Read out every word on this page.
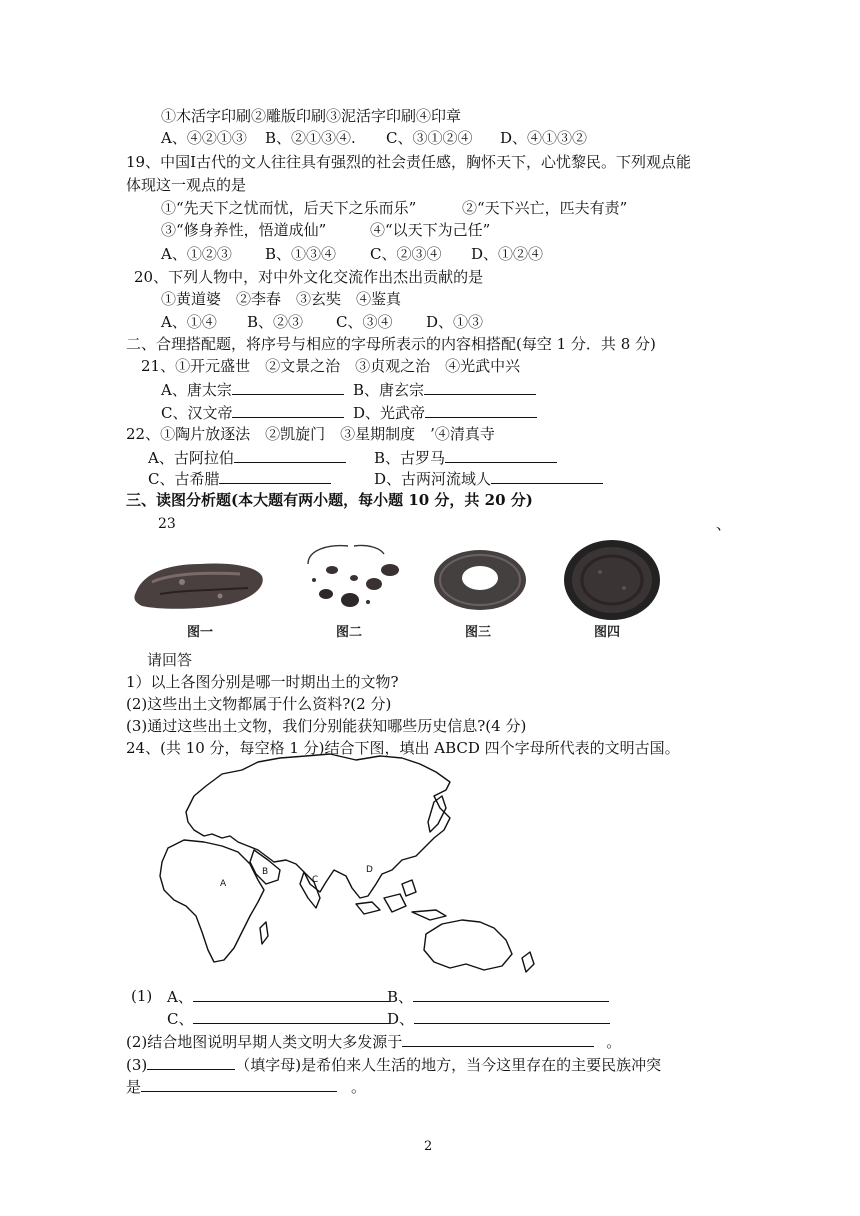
①木活字印刷②雕版印刷③泥活字印刷④印章
A、④②①③ B、②①③④. C、③①②④ D、④①③②
19、中国Ⅰ古代的文人往往具有强烈的社会责任感，胸怀天下，心忧黎民。下列观点能
体现这一观点的是
①“先天下之忧而忧，后天下之乐而乐”	②“天下兴亡，匹夫有责”
③“修身养性，悟道成仙”	④“以天下为己任”
A、①②③ B、①③④ C、②③④ D、①②④
20、下列人物中，对中外文化交流作出杰出贡献的是
①黄道婆　②李春　③玄奘　④鉴真
A、①④ B、②③ C、③④ D、①③
二、合理搭配题，将序号与相应的字母所表示的内容相搭配(每空 1 分．共 8 分)
21、①开元盛世　②文景之治　③贞观之治　④光武中兴
A、唐太宗	B、唐玄宗
C、汉文帝	D、光武帝
22、①陶片放逐法　②凯旋门　③星期制度　’④清真寺
A、古阿拉伯	B、古罗马
C、古希腊	D、古两河流域人
三、读图分析题(本大题有两小题，每小题 10 分，共 20 分)
23	、
图一	图二	图三	图四
请回答
1）以上各图分别是哪一时期出土的文物?
(2)这些出土文物都属于什么资料?(2 分)
(3)通过这些出土文物，我们分别能获知哪些历史信息?(4 分)
24、(共 10 分，每空格 1 分)结合下图，填出 ABCD 四个字母所代表的文明古国。
A
B
C
D
(1) A、	B、
C、	D、
(2)结合地图说明早期人类文明大多发源于	。
(3)	（填字母)是希伯来人生活的地方，当今这里存在的主要民族冲突
是	。
2
